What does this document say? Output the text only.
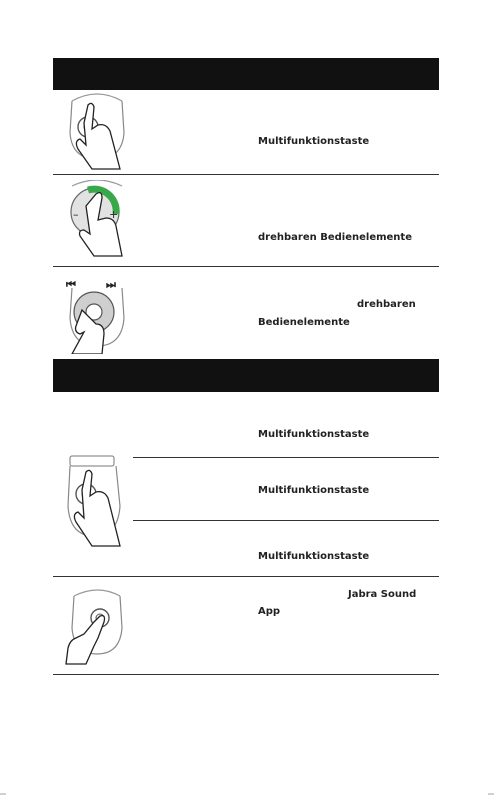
Multifunktionstaste
–	+
drehbaren Bedienelemente
⏮	⏭
drehbaren
Bedienelemente
Multifunktionstaste
Multifunktionstaste
Multifunktionstaste
Jabra Sound
App
